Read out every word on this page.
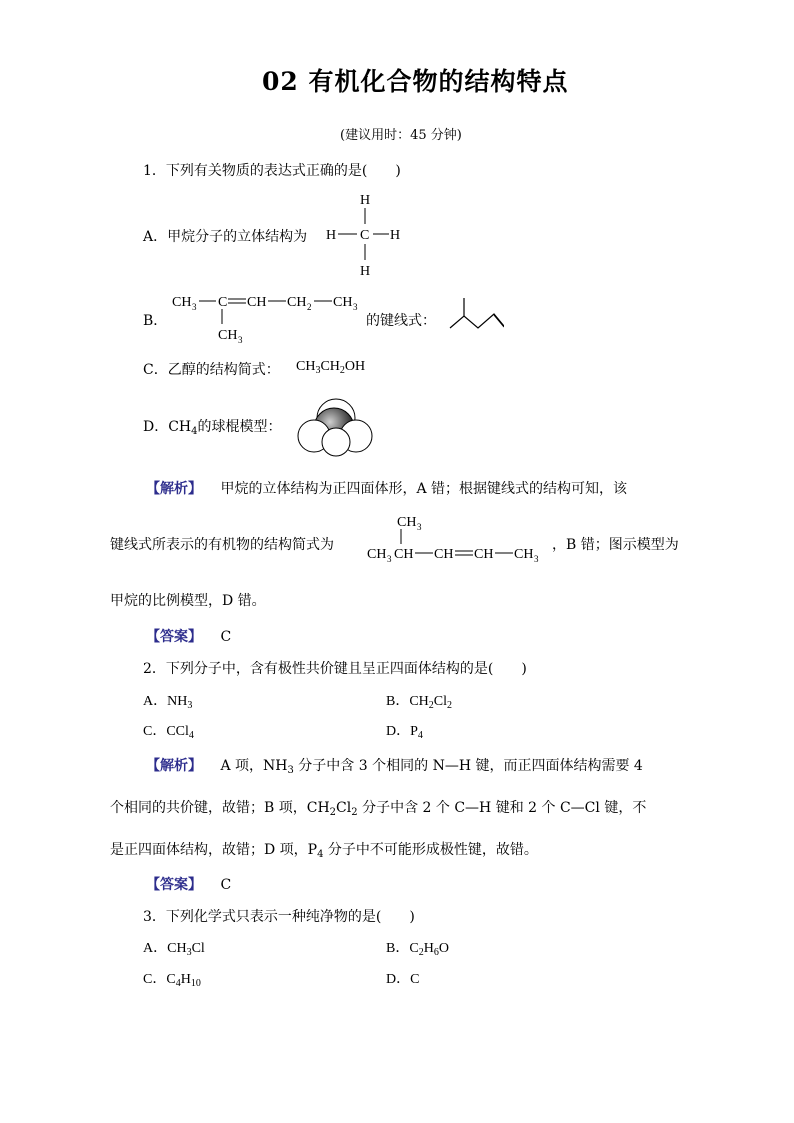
02 有机化合物的结构特点
(建议用时：45 分钟)
1．下列有关物质的表达式正确的是(　　)
A．甲烷分子的立体结构为
H
H C H
H
B．
CH 3 C CH CH 2 CH 3
CH 3
的键线式：
C．乙醇的结构简式： $CH_3CH_2OH$
D．$CH_4$的球棍模型：
【解析】 甲烷的立体结构为正四面体形，A 错；根据键线式的结构可知，该
键线式所表示的有机物的结构简式为
CH 3
CH 3 CH CH CH CH 3
，B 错；图示模型为
甲烷的比例模型，D 错。
【答案】 C
2．下列分子中，含有极性共价键且呈正四面体结构的是(　　)
A．$NH_3$	B．$CH_2Cl_2$
C．CCl$_4$	D．$P_4$
【解析】 A 项，$NH_3$ 分子中含 3 个相同的 N—H 键，而正四面体结构需要 4
个相同的共价键，故错；B 项，$CH_2Cl_2$ 分子中含 2 个 C—H 键和 2 个 C—Cl 键，不
是正四面体结构，故错；D 项，$P_4$ 分子中不可能形成极性键，故错。
【答案】 C
3．下列化学式只表示一种纯净物的是(　　)
A．$CH_3Cl$	B．$C_2H_6O$
C．$C_4H_{10}$	D．C
